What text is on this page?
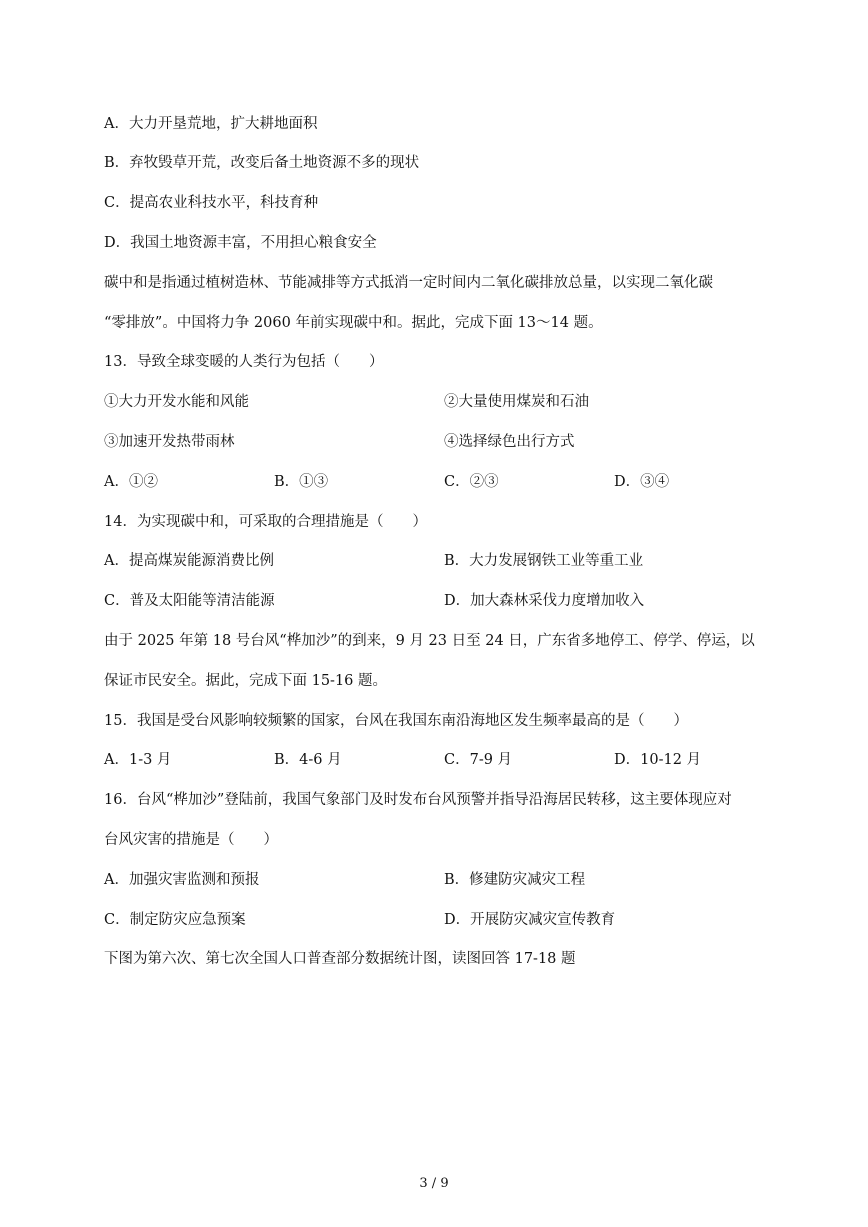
A．大力开垦荒地，扩大耕地面积
B．弃牧毁草开荒，改变后备土地资源不多的现状
C．提高农业科技水平，科技育种
D．我国土地资源丰富，不用担心粮食安全
碳中和是指通过植树造林、节能减排等方式抵消一定时间内二氧化碳排放总量，以实现二氧化碳
“零排放”。中国将力争 2060 年前实现碳中和。据此，完成下面 13～14 题。
13．导致全球变暖的人类行为包括（　　）
①大力开发水能和风能	②大量使用煤炭和石油
③加速开发热带雨林	④选择绿色出行方式
A．①②	B．①③	C．②③	D．③④
14．为实现碳中和，可采取的合理措施是（　　）
A．提高煤炭能源消费比例	B．大力发展钢铁工业等重工业
C．普及太阳能等清洁能源	D．加大森林采伐力度增加收入
由于 2025 年第 18 号台风“桦加沙”的到来，9 月 23 日至 24 日，广东省多地停工、停学、停运，以
保证市民安全。据此，完成下面 15-16 题。
15．我国是受台风影响较频繁的国家，台风在我国东南沿海地区发生频率最高的是（　　）
A．1-3 月	B．4-6 月	C．7-9 月	D．10-12 月
16．台风“桦加沙”登陆前，我国气象部门及时发布台风预警并指导沿海居民转移，这主要体现应对
台风灾害的措施是（　　）
A．加强灾害监测和预报	B．修建防灾减灾工程
C．制定防灾应急预案	D．开展防灾减灾宣传教育
下图为第六次、第七次全国人口普查部分数据统计图，读图回答 17-18 题
3 / 9
